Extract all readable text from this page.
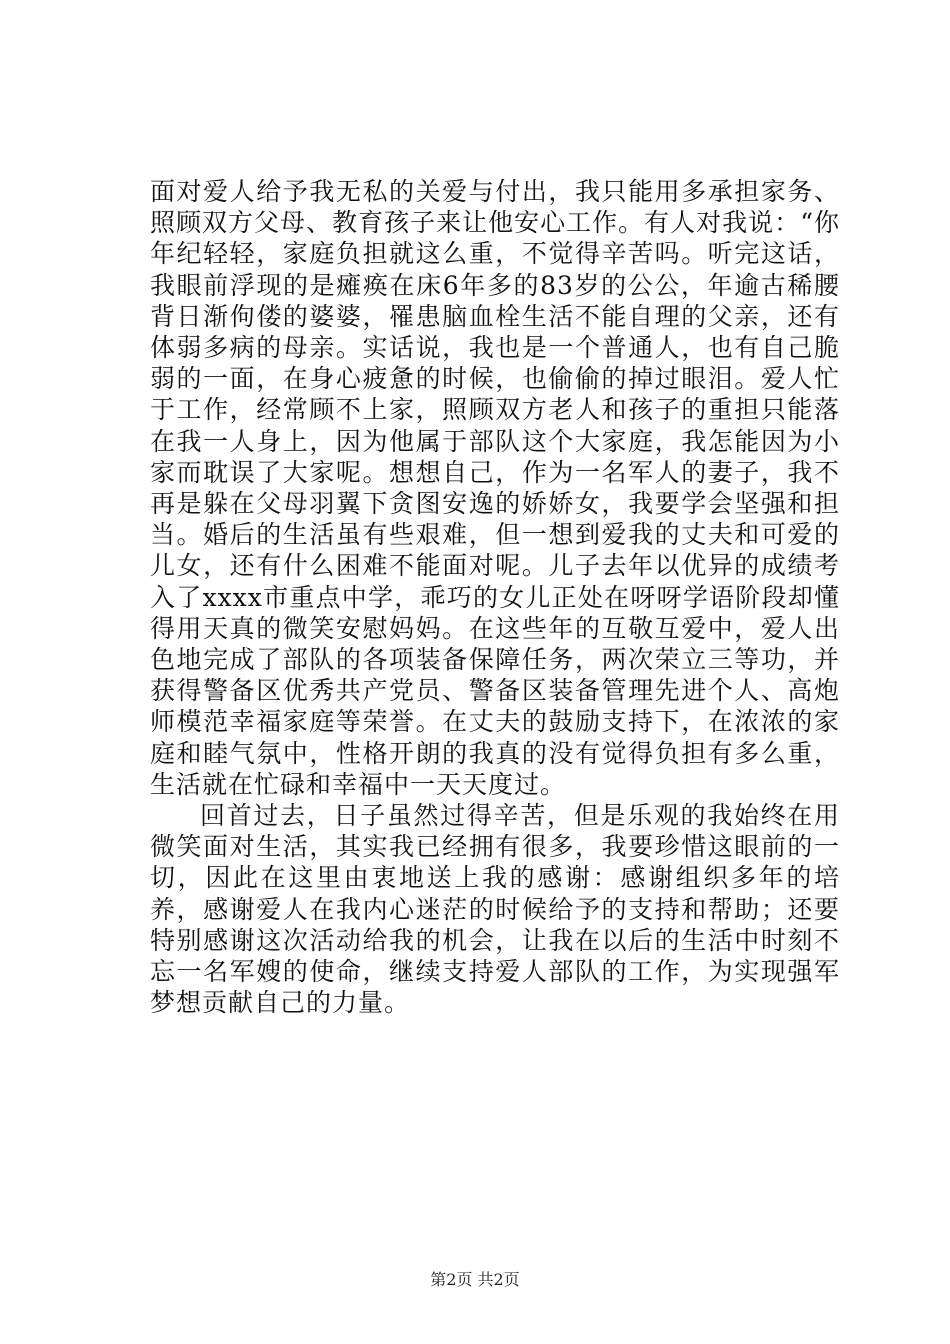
面对爱人给予我无私的关爱与付出，我只能用多承担家务、照顾双方父母、教育孩子来让他安心工作。有人对我说：“你年纪轻轻，家庭负担就这么重，不觉得辛苦吗。听完这话，我眼前浮现的是瘫痪在床6年多的83岁的公公，年逾古稀腰背日渐佝偻的婆婆，罹患脑血栓生活不能自理的父亲，还有体弱多病的母亲。实话说，我也是一个普通人，也有自己脆弱的一面，在身心疲惫的时候，也偷偷的掉过眼泪。爱人忙于工作，经常顾不上家，照顾双方老人和孩子的重担只能落在我一人身上，因为他属于部队这个大家庭，我怎能因为小家而耽误了大家呢。想想自己，作为一名军人的妻子，我不再是躲在父母羽翼下贪图安逸的娇娇女，我要学会坚强和担当。婚后的生活虽有些艰难，但一想到爱我的丈夫和可爱的儿女，还有什么困难不能面对呢。儿子去年以优异的成绩考入了xxxx市重点中学，乖巧的女儿正处在呀呀学语阶段却懂得用天真的微笑安慰妈妈。在这些年的互敬互爱中，爱人出色地完成了部队的各项装备保障任务，两次荣立三等功，并获得警备区优秀共产党员、警备区装备管理先进个人、高炮师模范幸福家庭等荣誉。在丈夫的鼓励支持下，在浓浓的家庭和睦气氛中，性格开朗的我真的没有觉得负担有多么重，生活就在忙碌和幸福中一天天度过。

回首过去，日子虽然过得辛苦，但是乐观的我始终在用微笑面对生活，其实我已经拥有很多，我要珍惜这眼前的一切，因此在这里由衷地送上我的感谢：感谢组织多年的培养，感谢爱人在我内心迷茫的时候给予的支持和帮助；还要特别感谢这次活动给我的机会，让我在以后的生活中时刻不忘一名军嫂的使命，继续支持爱人部队的工作，为实现强军梦想贡献自己的力量。

第2页 共2页
